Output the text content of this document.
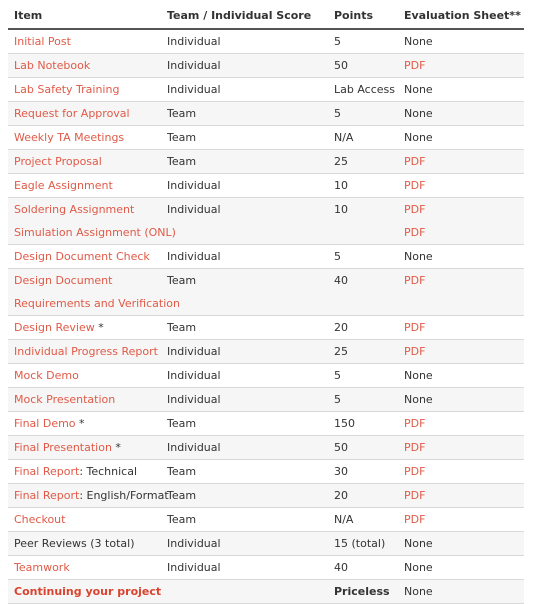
Item	Team / Individual Score	Points	Evaluation Sheet**

Initial Post	Individual	5	None

Lab Notebook	Individual	50	PDF

Lab Safety Training	Individual	Lab Access	None

Request for Approval	Team	5	None

Weekly TA Meetings	Team	N/A	None

Project Proposal	Team	25	PDF

Eagle Assignment	Individual	10	PDF

Soldering Assignment	Individual	10	PDF

Simulation Assignment (ONL)			PDF

Design Document Check	Individual	5	None

Design Document	Team	40	PDF

Requirements and Verification			

Design Review *	Team	20	PDF

Individual Progress Report	Individual	25	PDF

Mock Demo	Individual	5	None

Mock Presentation	Individual	5	None

Final Demo *	Team	150	PDF

Final Presentation *	Individual	50	PDF

Final Report: Technical	Team	30	PDF

Final Report: English/Format	Team	20	PDF

Checkout	Team	N/A	PDF

Peer Reviews (3 total)	Individual	15 (total)	None

Teamwork	Individual	40	None

Continuing your project		Priceless	None
